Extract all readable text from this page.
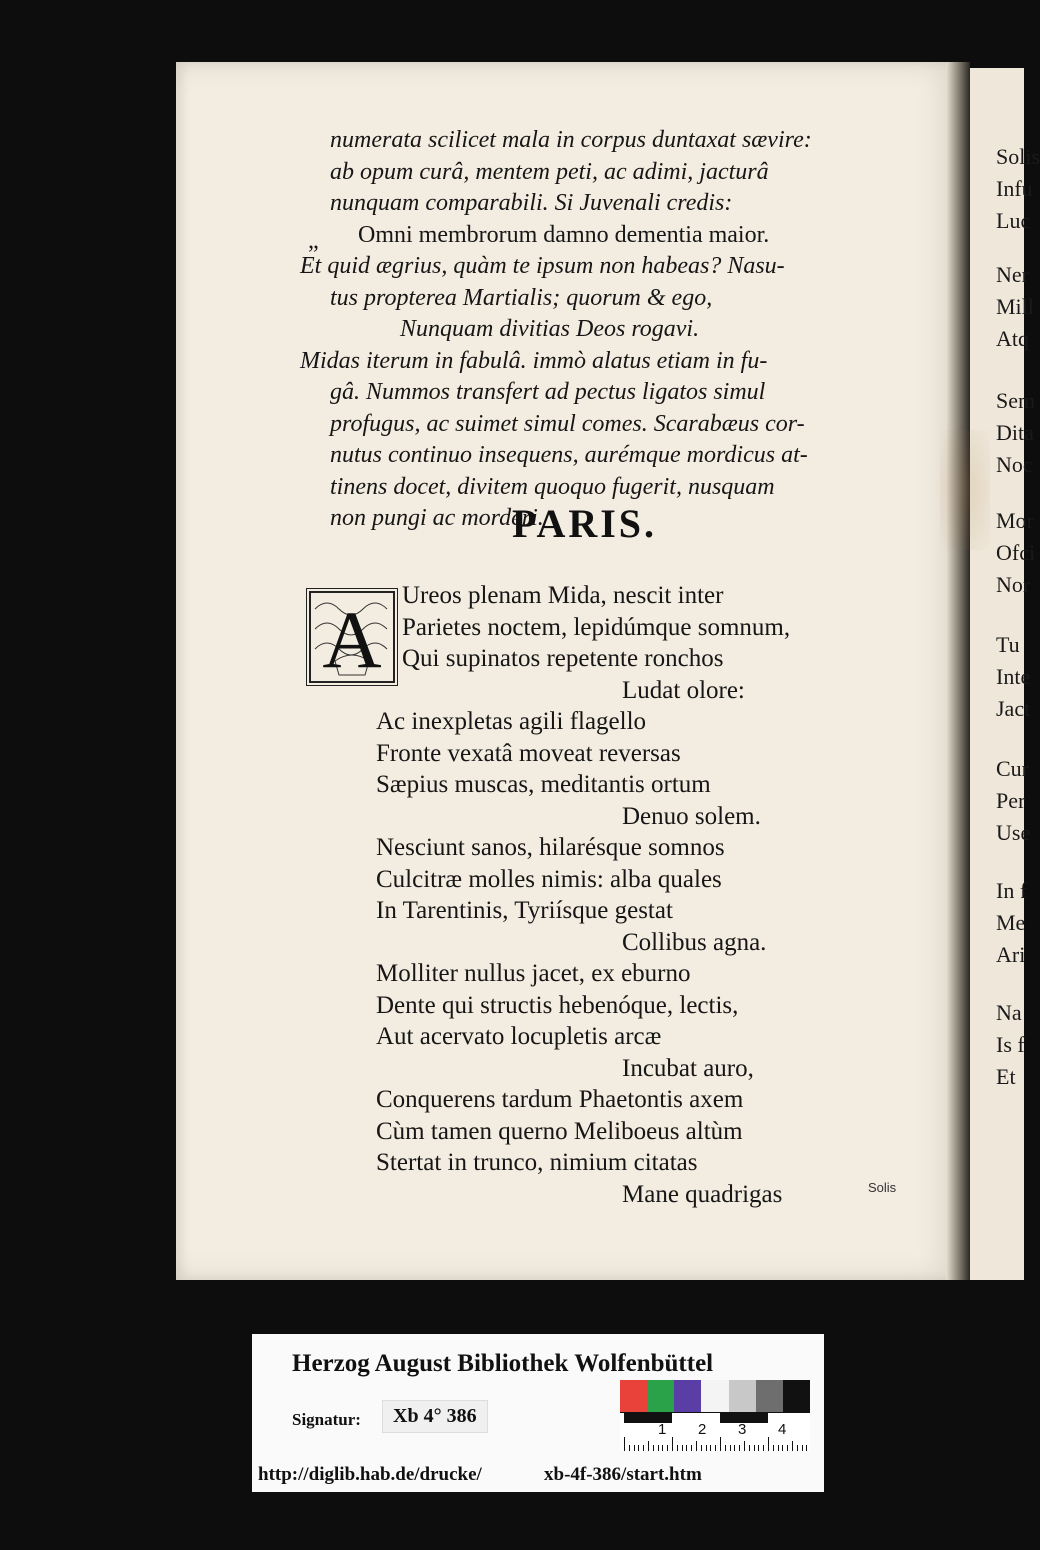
Solis
Infu
Luc
Ner
Mill
Atq
Sem
Dita
Noc
Mor
Ofci
Nor
Tu
Inte
Jact
Cur
Per
Use
In f
Me
Ari
Na
Is f
Et
numerata scilicet mala in corpus duntaxat sævire:
ab opum curâ, mentem peti, ac adimi, jacturâ
nunquam comparabili. Si Juvenali credis:
„ Omni membrorum damno dementia maior.
Et quid ægrius, quàm te ipsum non habeas? Nasu-
tus propterea Martialis; quorum & ego,
Nunquam divitias Deos rogavi.
Midas iterum in fabulâ. immò alatus etiam in fu-
gâ. Nummos transfert ad pectus ligatos simul
profugus, ac suimet simul comes. Scarabæus cor-
nutus continuo insequens, aurémque mordicus at-
tinens docet, divitem quoquo fugerit, nusquam
non pungi ac morderi.
PARIS.
A Ureos plenam Mida, nescit inter
Parietes noctem, lepidúmque somnum,
Qui supinatos repetente ronchos
Ludat olore:
Ac inexpletas agili flagello
Fronte vexatâ moveat reversas
Sæpius muscas, meditantis ortum
Denuo solem.
Nesciunt sanos, hilarésque somnos
Culcitræ molles nimis: alba quales
In Tarentinis, Tyriísque gestat
Collibus agna.
Molliter nullus jacet, ex eburno
Dente qui structis hebenóque, lectis,
Aut acervato locupletis arcæ
Incubat auro,
Conquerens tardum Phaetontis axem
Cùm tamen querno Meliboeus altùm
Stertat in trunco, nimium citatas
Mane quadrigas	Solis
Herzog August Bibliothek Wolfenbüttel
Signatur:	Xb 4° 386
1 2 3 4
http://diglib.hab.de/drucke/	xb-4f-386/start.htm
